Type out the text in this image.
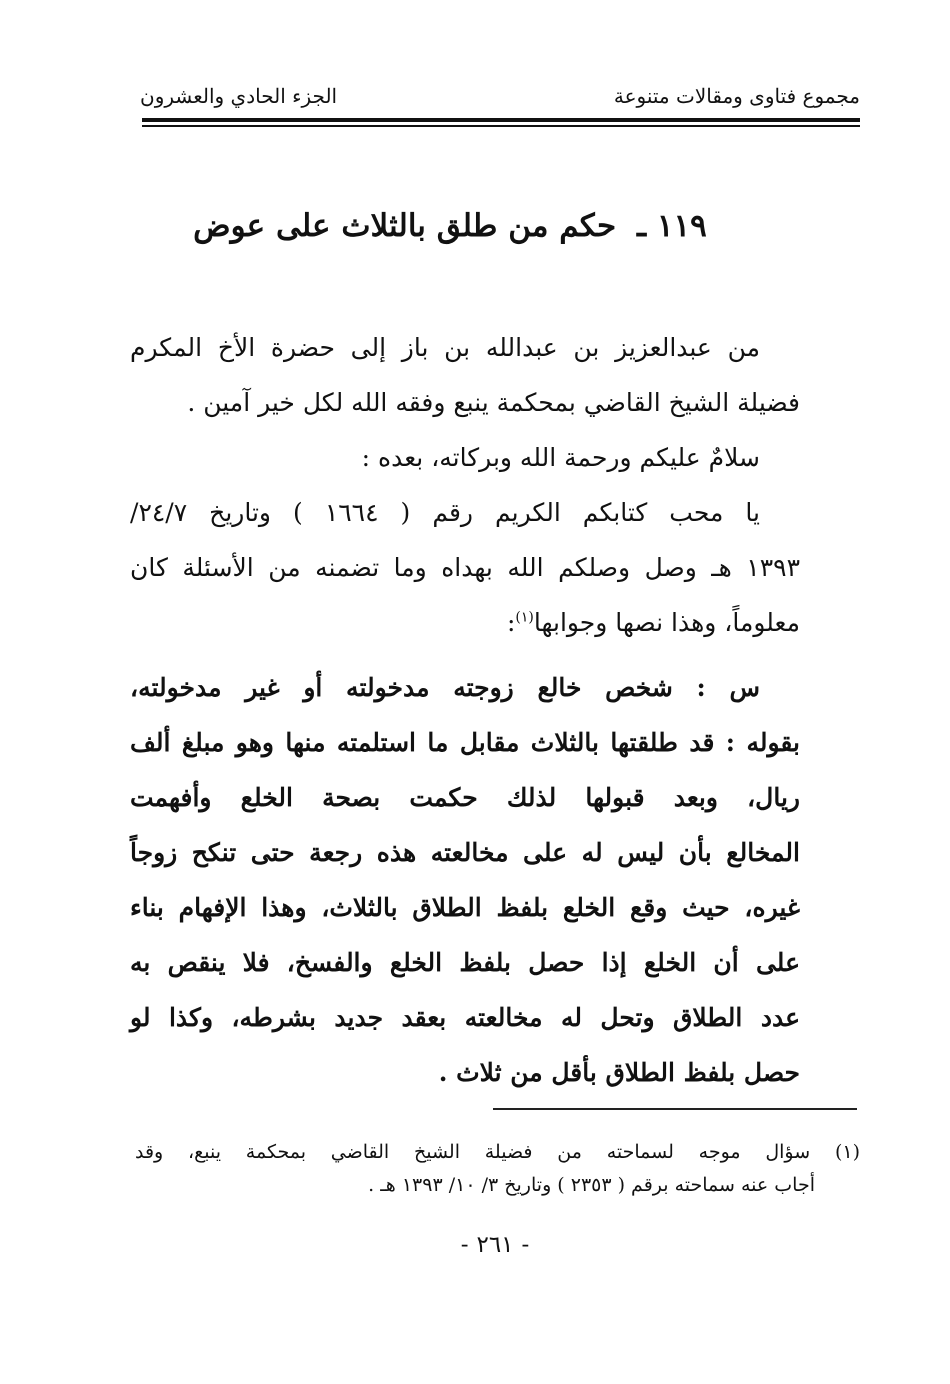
مجموع فتاوى ومقالات متنوعة
الجزء الحادي والعشرون
١١٩ ـ حكم من طلق بالثلاث على عوض
من عبدالعزيز بن عبدالله بن باز إلى حضرة الأخ المكرم
فضيلة الشيخ القاضي بمحكمة ينبع وفقه الله لكل خير آمين .
سلامٌ عليكم ورحمة الله وبركاته، بعده :
يا محب كتابكم الكريم رقم ( ١٦٦٤ ) وتاريخ ٢٤/٧/
١٣٩٣ هـ وصل وصلكم الله بهداه وما تضمنه من الأسئلة كان
معلوماً، وهذا نصها وجوابها$^{(١)}$:
س : شخص خالع زوجته مدخولته أو غير مدخولته،
بقوله : قد طلقتها بالثلاث مقابل ما استلمته منها وهو مبلغ ألف
ريال، وبعد قبولها لذلك حكمت بصحة الخلع وأفهمت
المخالع بأن ليس له على مخالعته هذه رجعة حتى تنكح زوجاً
غيره، حيث وقع الخلع بلفظ الطلاق بالثلاث، وهذا الإفهام بناء
على أن الخلع إذا حصل بلفظ الخلع والفسخ، فلا ينقص به
عدد الطلاق وتحل له مخالعته بعقد جديد بشرطه، وكذا لو
حصل بلفظ الطلاق بأقل من ثلاث .
(١) سؤال موجه لسماحته من فضيلة الشيخ القاضي بمحكمة ينبع، وقد
أجاب عنه سماحته برقم ( ٢٣٥٣ ) وتاريخ ٣/ ١٠/ ١٣٩٣ هـ .
-٢٦١-
